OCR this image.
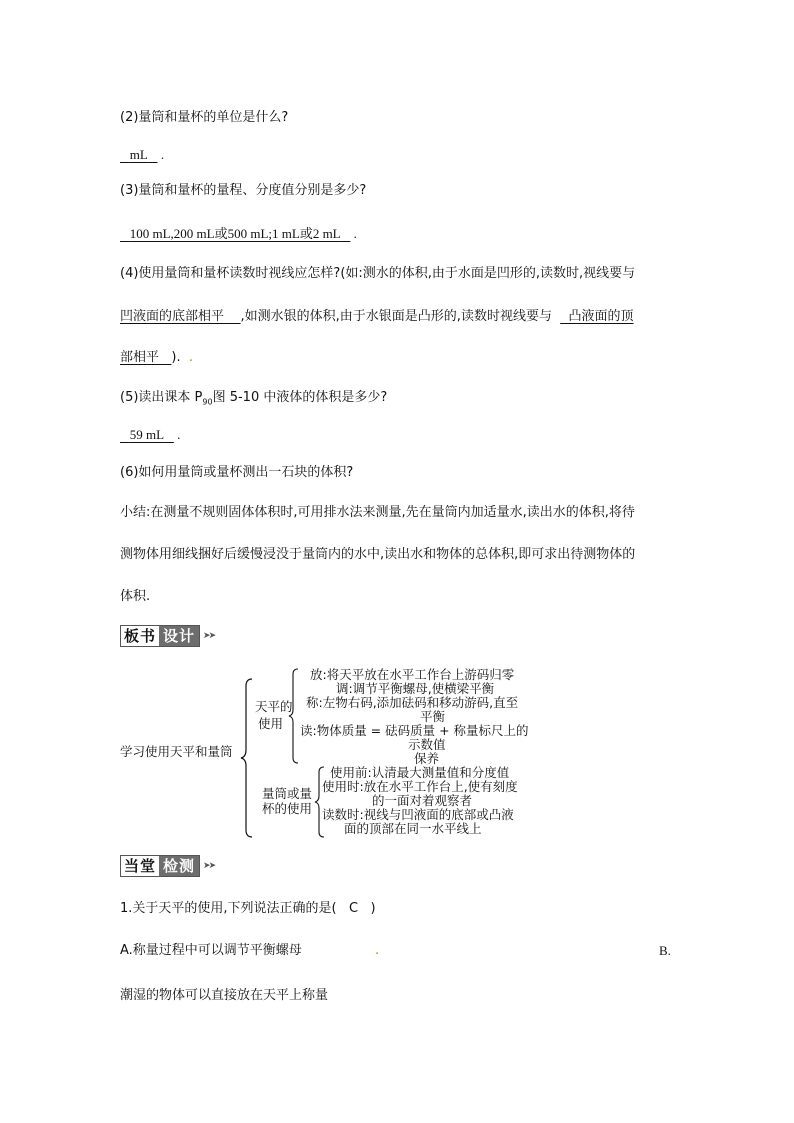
(2)量筒和量杯的单位是什么?
mL .
(3)量筒和量杯的量程、分度值分别是多少?
100 mL,200 mL或500 mL;1 mL或2 mL .
(4)使用量筒和量杯读数时视线应怎样?(如:测水的体积,由于水面是凹形的,读数时,视线要与
凹液面的底部相平 ,如测水银的体积,由于水银面是凸形的,读数时视线要与 凸液面的顶
部相平 ). .
(5)读出课本 $P_{90}$图 5-10 中液体的体积是多少?
59 mL .
(6)如何用量筒或量杯测出一石块的体积?
小结:在测量不规则固体体积时,可用排水法来测量,先在量筒内加适量水,读出水的体积,将待
测物体用细线捆好后缓慢浸没于量筒内的水中,读出水和物体的总体积,即可求出待测物体的
体积.
板书 设计 ➤➤
学习使用天平和量筒
天平的
使用
放:将天平放在水平工作台上游码归零
调:调节平衡螺母,使横梁平衡
称:左物右码,添加砝码和移动游码,直至
平衡
读:物体质量 = 砝码质量 + 称量标尺上的
示数值
保养
量筒或量
杯的使用
使用前:认清最大测量值和分度值
使用时:放在水平工作台上,使有刻度
的一面对着观察者
读数时:视线与凹液面的底部或凸液
面的顶部在同一水平线上
当堂 检测 ➤➤
1.关于天平的使用,下列说法正确的是( C )
A.称量过程中可以调节平衡螺母	.	B.
潮湿的物体可以直接放在天平上称量
